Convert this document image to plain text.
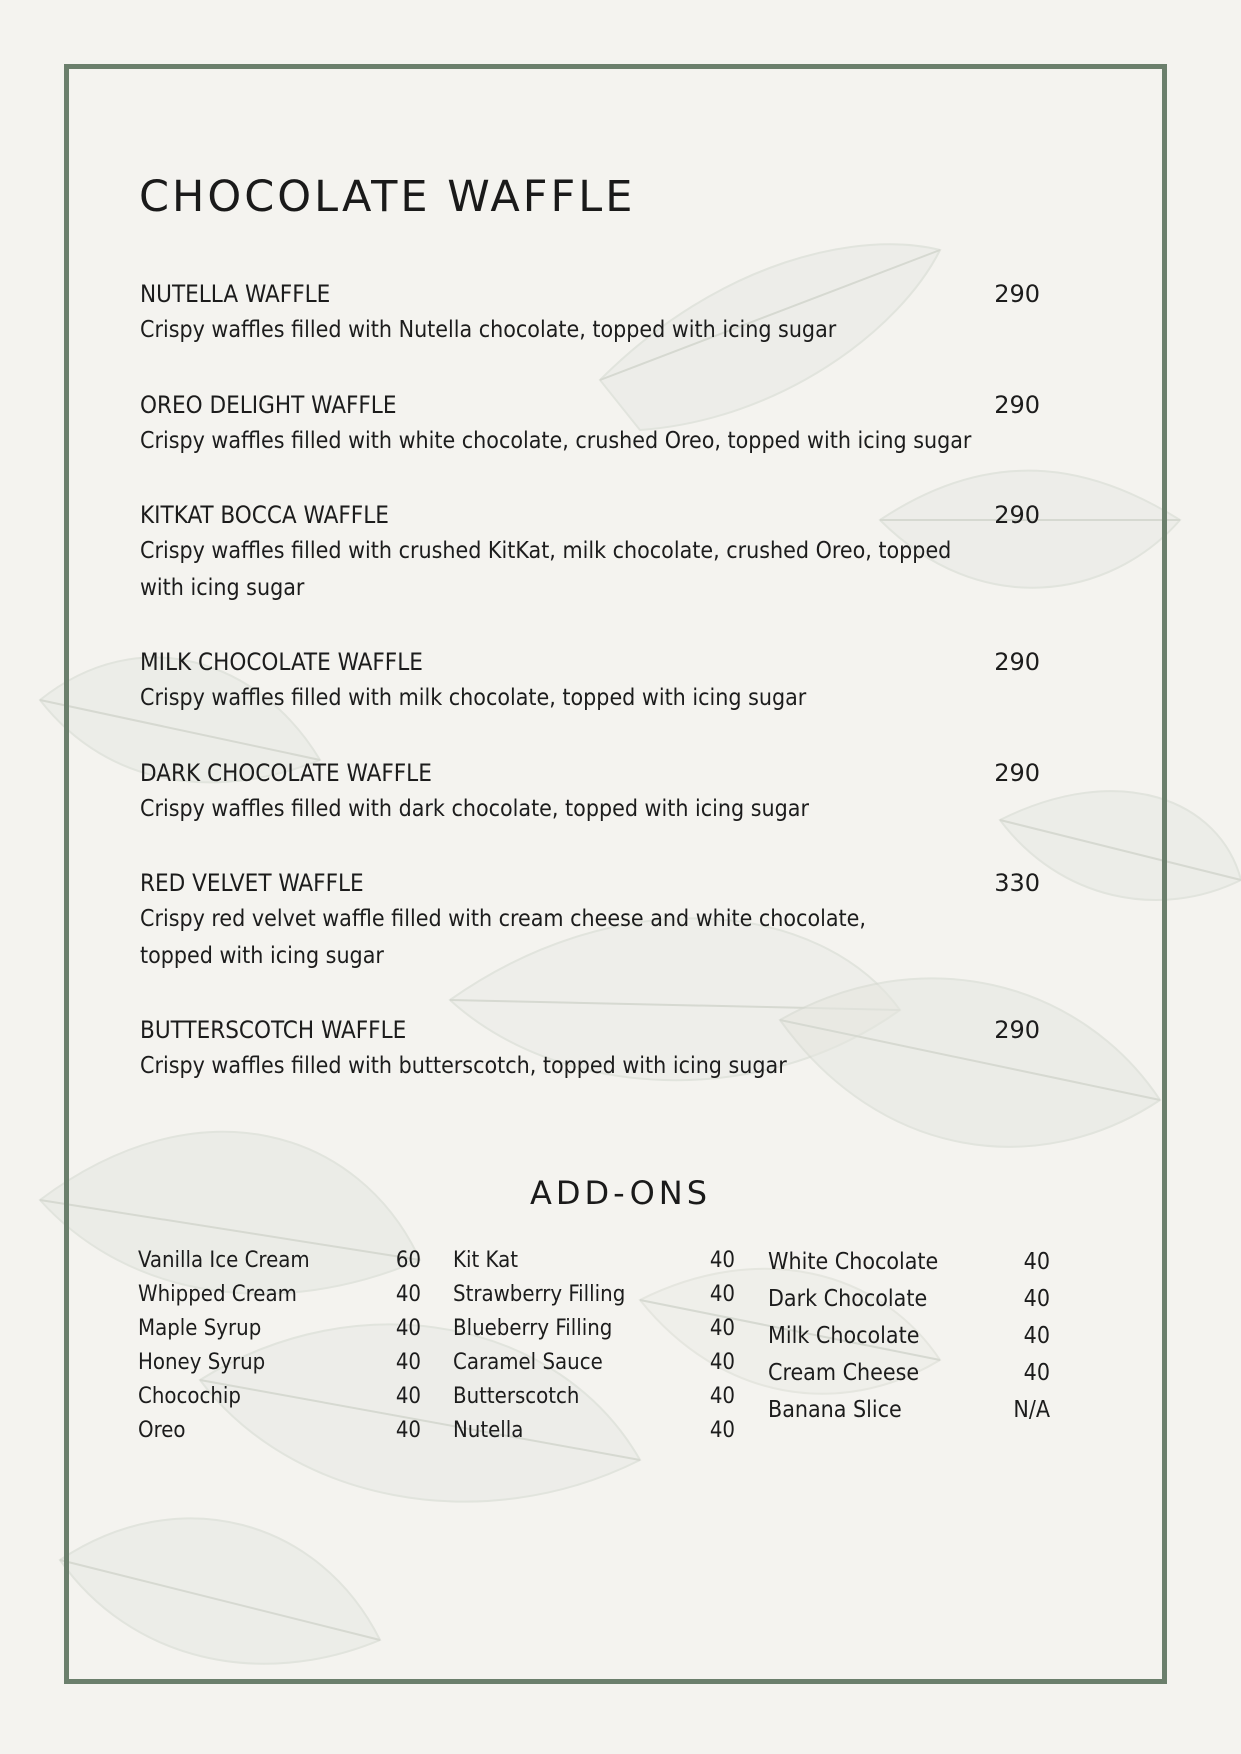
CHOCOLATE WAFFLE
NUTELLA WAFFLE	290
Crispy waffles filled with Nutella chocolate, topped with icing sugar
OREO DELIGHT WAFFLE	290
Crispy waffles filled with white chocolate, crushed Oreo, topped with icing sugar
KITKAT BOCCA WAFFLE	290
Crispy waffles filled with crushed KitKat, milk chocolate, crushed Oreo, topped with icing sugar
MILK CHOCOLATE WAFFLE	290
Crispy waffles filled with milk chocolate, topped with icing sugar
DARK CHOCOLATE WAFFLE	290
Crispy waffles filled with dark chocolate, topped with icing sugar
RED VELVET WAFFLE	330
Crispy red velvet waffle filled with cream cheese and white chocolate, topped with icing sugar
BUTTERSCOTCH WAFFLE	290
Crispy waffles filled with butterscotch, topped with icing sugar
ADD-ONS
Vanilla Ice Cream	60
Whipped Cream	40
Maple Syrup	40
Honey Syrup	40
Chocochip	40
Oreo	40
Kit Kat	40
Strawberry Filling	40
Blueberry Filling	40
Caramel Sauce	40
Butterscotch	40
Nutella	40
White Chocolate	40
Dark Chocolate	40
Milk Chocolate	40
Cream Cheese	40
Banana Slice	N/A
